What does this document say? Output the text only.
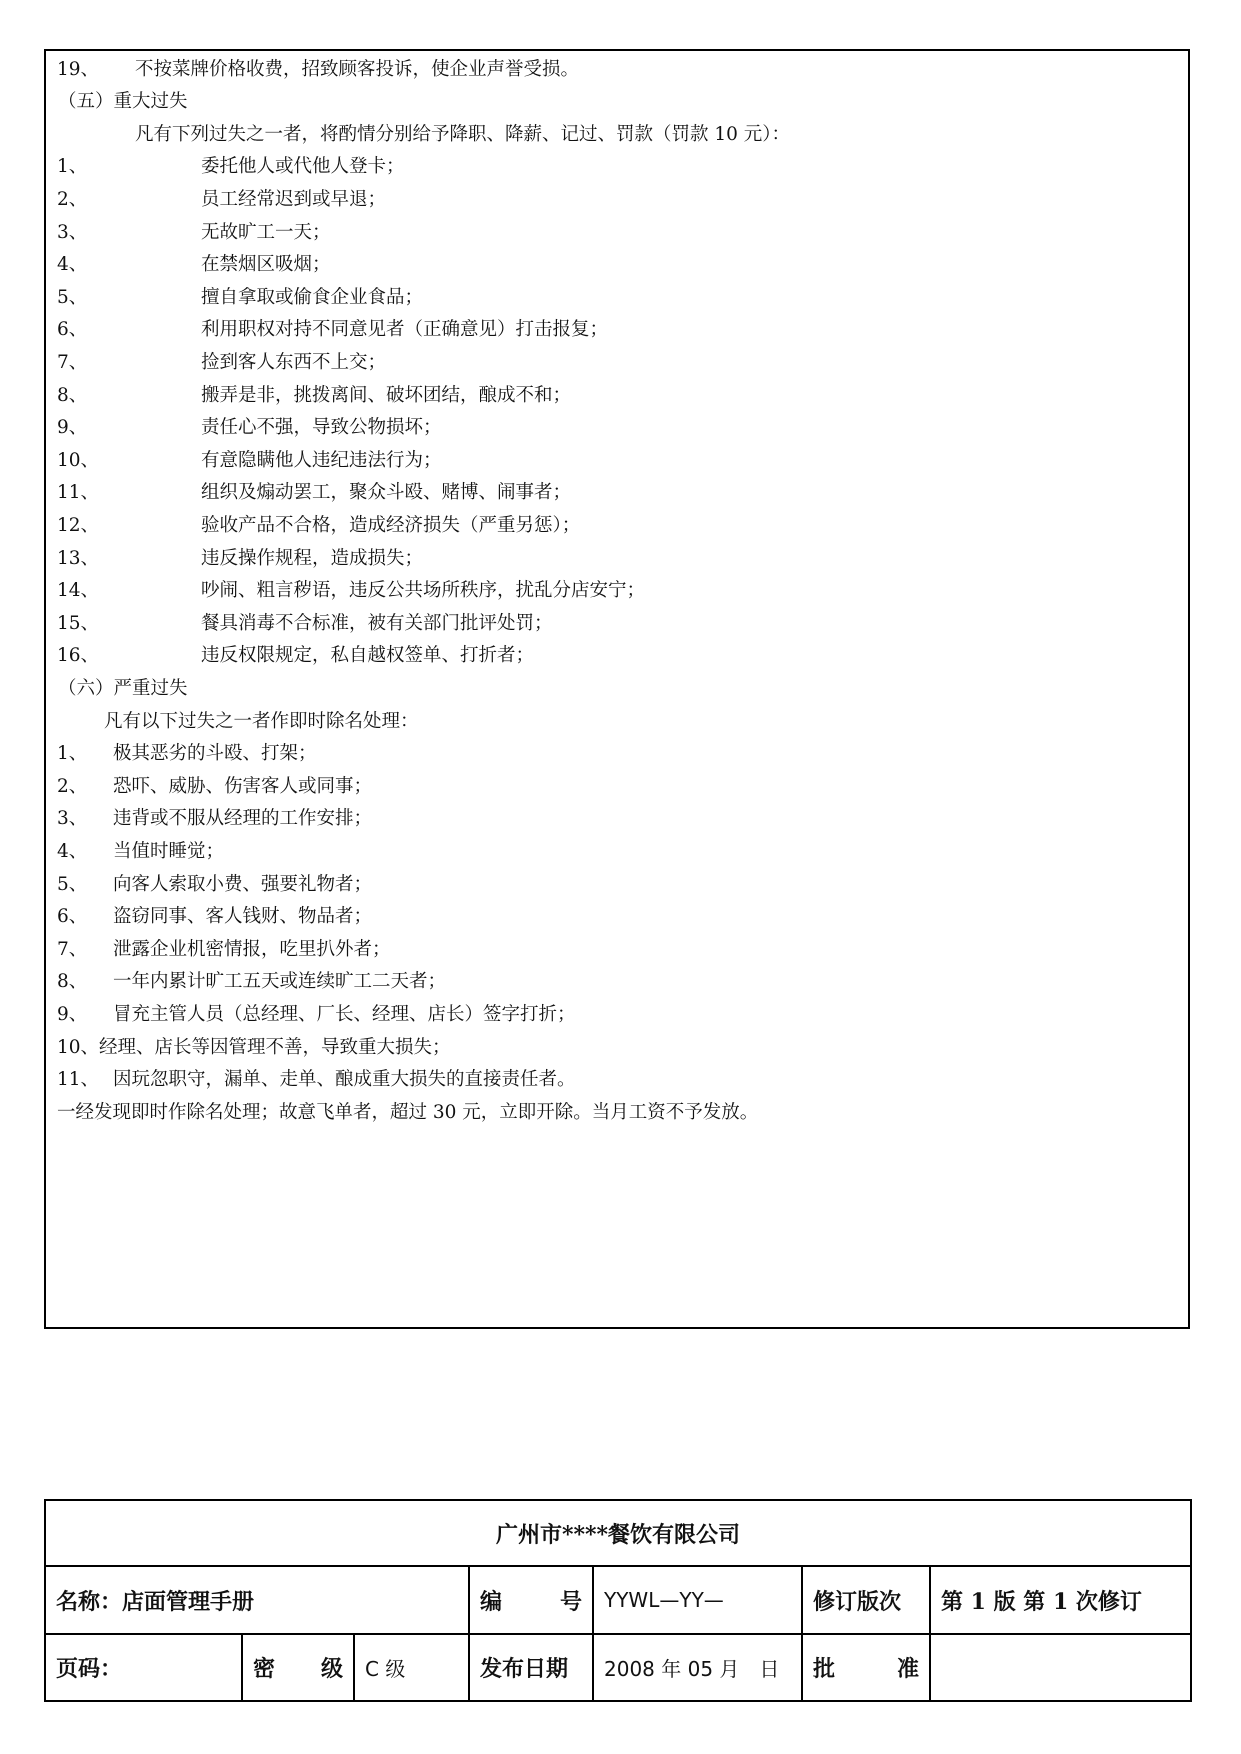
19、 不按菜牌价格收费，招致顾客投诉，使企业声誉受损。
（五）重大过失
凡有下列过失之一者，将酌情分别给予降职、降薪、记过、罚款（罚款 10 元）：
1、	委托他人或代他人登卡；
2、	员工经常迟到或早退；
3、	无故旷工一天；
4、	在禁烟区吸烟；
5、	擅自拿取或偷食企业食品；
6、	利用职权对持不同意见者（正确意见）打击报复；
7、	捡到客人东西不上交；
8、	搬弄是非，挑拨离间、破坏团结，酿成不和；
9、	责任心不强，导致公物损坏；
10、	有意隐瞒他人违纪违法行为；
11、	组织及煽动罢工，聚众斗殴、赌博、闹事者；
12、	验收产品不合格，造成经济损失（严重另惩）；
13、	违反操作规程，造成损失；
14、	吵闹、粗言秽语，违反公共场所秩序，扰乱分店安宁；
15、	餐具消毒不合标准，被有关部门批评处罚；
16、	违反权限规定，私自越权签单、打折者；
（六）严重过失
凡有以下过失之一者作即时除名处理：
1、 极其恶劣的斗殴、打架；
2、 恐吓、威胁、伤害客人或同事；
3、 违背或不服从经理的工作安排；
4、 当值时睡觉；
5、 向客人索取小费、强要礼物者；
6、 盗窃同事、客人钱财、物品者；
7、 泄露企业机密情报，吃里扒外者；
8、 一年内累计旷工五天或连续旷工二天者；
9、 冒充主管人员（总经理、厂长、经理、店长）签字打折；
10、经理、店长等因管理不善，导致重大损失；
11、 因玩忽职守，漏单、走单、酿成重大损失的直接责任者。
一经发现即时作除名处理；故意飞单者，超过 30 元，立即开除。当月工资不予发放。
广州市****餐饮有限公司						
名称：店面管理手册			编 号	YYWL—YY—	修订版次	第 1 版 第 1 次修订
页码：	密 级	C 级	发布日期	2008 年 05 月　日	批 准	
